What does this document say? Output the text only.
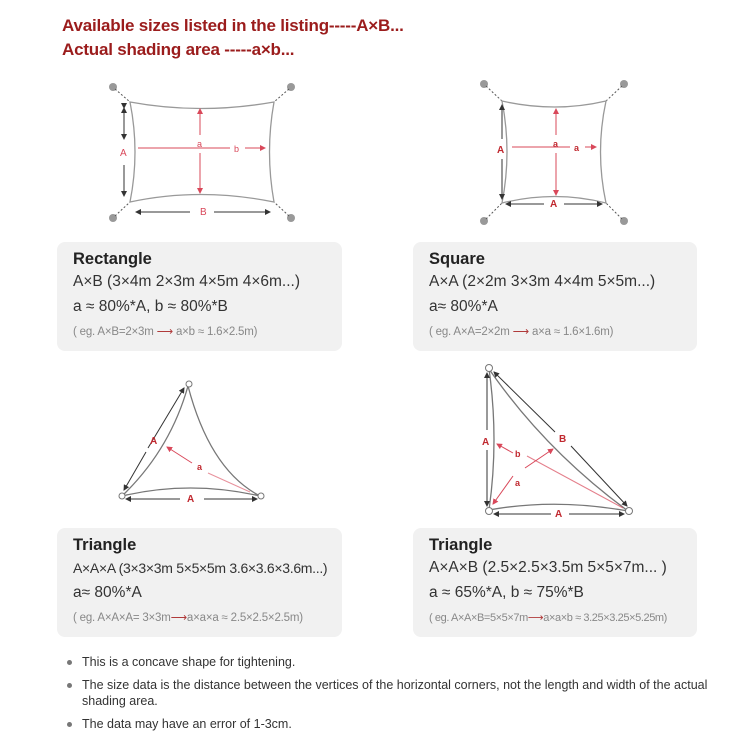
Available sizes listed in the listing-----A×B...
Actual shading area -----a×b...
A
B
a	b	A
A
a a
A
A
a
A
A
B
b
a
Rectangle
A×B (3×4m 2×3m 4×5m 4×6m...)
a ≈ 80%*A, b ≈ 80%*B
( eg. A×B=2×3m ⟶ a×b ≈ 1.6×2.5m)
Square
A×A (2×2m 3×3m 4×4m 5×5m...)
a≈ 80%*A
( eg. A×A=2×2m ⟶ a×a ≈ 1.6×1.6m)
Triangle
A×A×A (3×3×3m 5×5×5m 3.6×3.6×3.6m...)
a≈ 80%*A
( eg. A×A×A= 3×3m⟶a×a×a ≈ 2.5×2.5×2.5m)
Triangle
A×A×B (2.5×2.5×3.5m 5×5×7m... )
a ≈ 65%*A, b ≈ 75%*B
( eg. A×A×B=5×5×7m⟶a×a×b ≈ 3.25×3.25×5.25m)
This is a concave shape for tightening.
The size data is the distance between the vertices of the horizontal corners, not the length and width of the actual shading area.
The data may have an error of 1-3cm.
